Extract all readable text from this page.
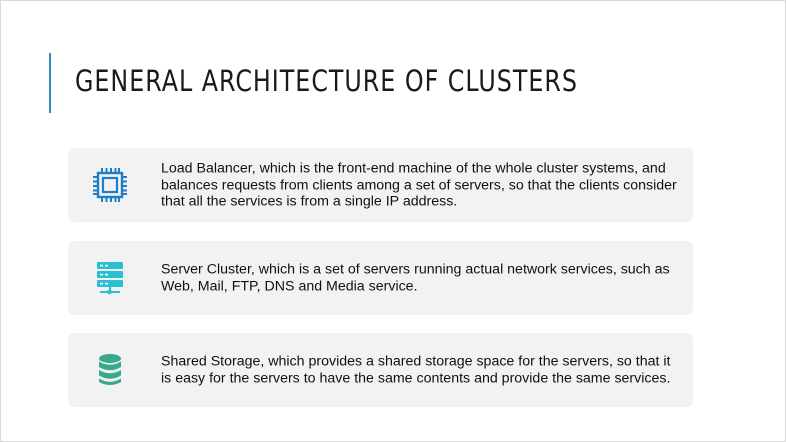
GENERAL ARCHITECTURE OF CLUSTERS
Load Balancer, which is the front-end machine of the whole cluster systems, and balances requests from clients among a set of servers, so that the clients consider that all the services is from a single IP address.
Server Cluster, which is a set of servers running actual network services, such as Web, Mail, FTP, DNS and Media service.
Shared Storage, which provides a shared storage space for the servers, so that it is easy for the servers to have the same contents and provide the same services.
